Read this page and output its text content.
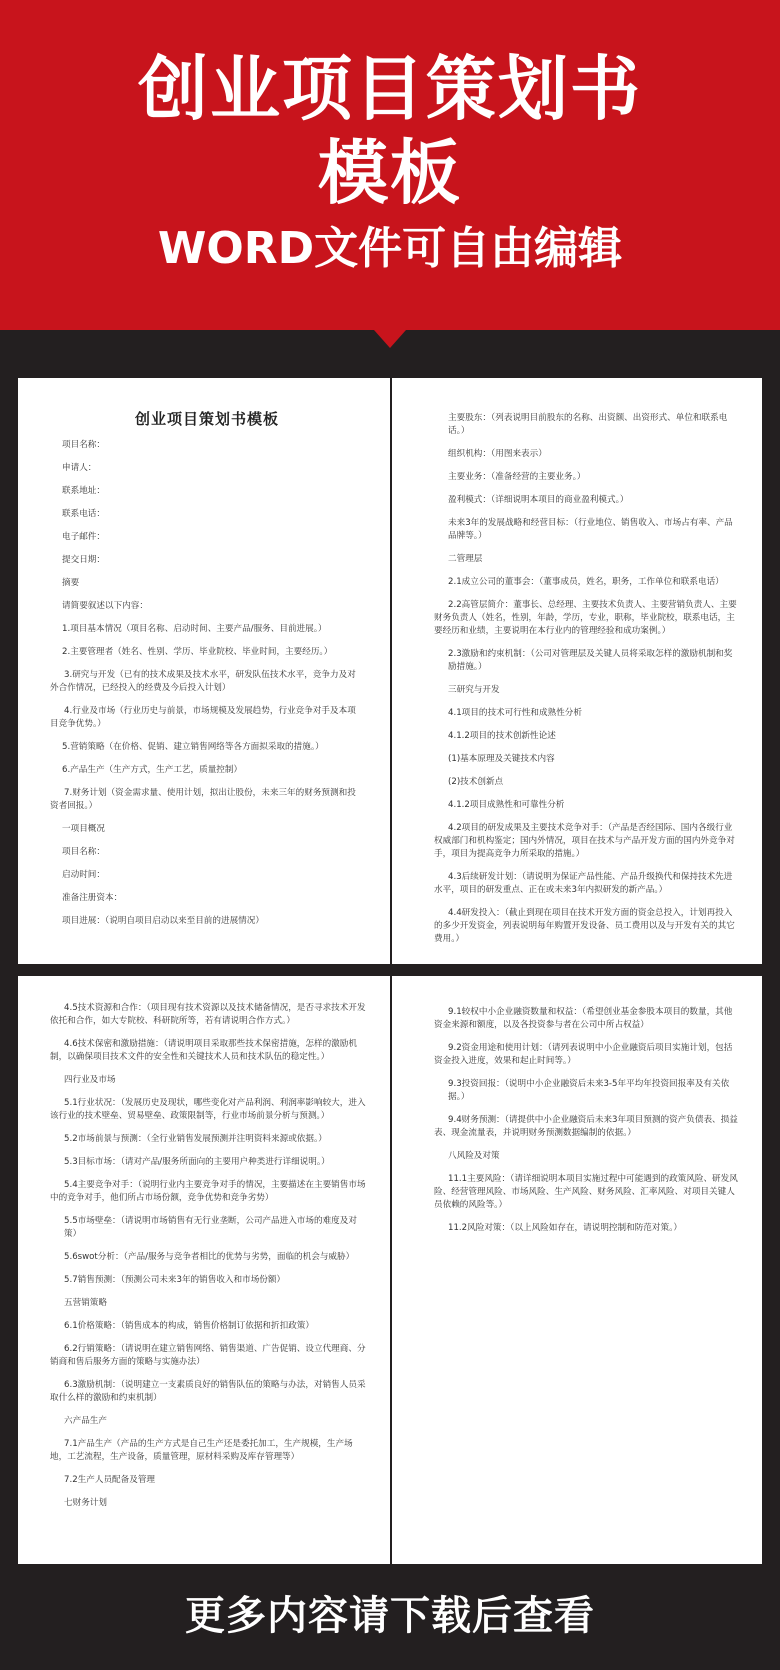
创业项目策划书
模板
WORD文件可自由编辑
创业项目策划书模板
项目名称：
申请人：
联系地址：
联系电话：
电子邮件：
提交日期：
摘要
请简要叙述以下内容：
1.项目基本情况（项目名称、启动时间、主要产品/服务、目前进展。）
2.主要管理者（姓名、性别、学历、毕业院校、毕业时间，主要经历。）
3.研究与开发（已有的技术成果及技术水平，研发队伍技术水平，竞争力及对外合作情况，已经投入的经费及今后投入计划）
4.行业及市场（行业历史与前景，市场规模及发展趋势，行业竞争对手及本项目竞争优势。）
5.营销策略（在价格、促销、建立销售网络等各方面拟采取的措施。）
6.产品生产（生产方式，生产工艺，质量控制）
7.财务计划（资金需求量、使用计划，拟出让股份，未来三年的财务预测和投资者回报。）
一项目概况
项目名称：
启动时间：
准备注册资本：
项目进展：（说明自项目启动以来至目前的进展情况）
主要股东：（列表说明目前股东的名称、出资额、出资形式、单位和联系电话。）
组织机构：（用图来表示）
主要业务：（准备经营的主要业务。）
盈利模式：（详细说明本项目的商业盈利模式。）
未来3年的发展战略和经营目标：（行业地位、销售收入、市场占有率、产品品牌等。）
二管理层
2.1成立公司的董事会：（董事成员，姓名，职务，工作单位和联系电话）
2.2高管层简介：董事长、总经理、主要技术负责人、主要营销负责人、主要财务负责人（姓名，性别，年龄，学历，专业，职称，毕业院校，联系电话，主要经历和业绩，主要说明在本行业内的管理经验和成功案例。）
2.3激励和约束机制：（公司对管理层及关键人员将采取怎样的激励机制和奖励措施。）
三研究与开发
4.1项目的技术可行性和成熟性分析
4.1.2项目的技术创新性论述
(1)基本原理及关键技术内容
(2)技术创新点
4.1.2项目成熟性和可靠性分析
4.2项目的研发成果及主要技术竞争对手：（产品是否经国际、国内各级行业权威部门和机构鉴定；国内外情况，项目在技术与产品开发方面的国内外竞争对手，项目为提高竞争力所采取的措施。）
4.3后续研发计划：（请说明为保证产品性能、产品升级换代和保持技术先进水平，项目的研发重点、正在或未来3年内拟研发的新产品。）
4.4研发投入：（截止到现在项目在技术开发方面的资金总投入，计划再投入的多少开发资金，列表说明每年购置开发设备、员工费用以及与开发有关的其它费用。）
4.5技术资源和合作：（项目现有技术资源以及技术储备情况，是否寻求技术开发依托和合作，如大专院校、科研院所等，若有请说明合作方式。）
4.6技术保密和激励措施：（请说明项目采取那些技术保密措施，怎样的激励机制，以确保项目技术文件的安全性和关键技术人员和技术队伍的稳定性。）
四行业及市场
5.1行业状况：（发展历史及现状，哪些变化对产品利润、利润率影响较大，进入该行业的技术壁垒、贸易壁垒、政策限制等，行业市场前景分析与预测。）
5.2市场前景与预测：（全行业销售发展预测并注明资料来源或依据。）
5.3目标市场：（请对产品/服务所面向的主要用户种类进行详细说明。）
5.4主要竞争对手：（说明行业内主要竞争对手的情况，主要描述在主要销售市场中的竞争对手，他们所占市场份额，竞争优势和竞争劣势）
5.5市场壁垒：（请说明市场销售有无行业垄断，公司产品进入市场的难度及对策）
5.6swot分析：（产品/服务与竞争者相比的优势与劣势，面临的机会与威胁）
5.7销售预测：（预测公司未来3年的销售收入和市场份额）
五营销策略
6.1价格策略：（销售成本的构成，销售价格制订依据和折扣政策）
6.2行销策略：（请说明在建立销售网络、销售渠道、广告促销、设立代理商、分销商和售后服务方面的策略与实施办法）
6.3激励机制：（说明建立一支素质良好的销售队伍的策略与办法，对销售人员采取什么样的激励和约束机制）
六产品生产
7.1产品生产（产品的生产方式是自己生产还是委托加工，生产规模，生产场地，工艺流程，生产设备，质量管理，原材料采购及库存管理等）
7.2生产人员配备及管理
七财务计划
9.1较权中小企业融资数量和权益：（希望创业基金参股本项目的数量，其他资金来源和额度，以及各投资参与者在公司中所占权益）
9.2资金用途和使用计划：（请列表说明中小企业融资后项目实施计划，包括资金投入进度，效果和起止时间等。）
9.3投资回报：（说明中小企业融资后未来3-5年平均年投资回报率及有关依据。）
9.4财务预测：（请提供中小企业融资后未来3年项目预测的资产负债表、损益表、现金流量表，并说明财务预测数据编制的依据。）
八风险及对策
11.1主要风险：（请详细说明本项目实施过程中可能遇到的政策风险、研发风险、经营管理风险、市场风险、生产风险、财务风险、汇率风险、对项目关键人员依赖的风险等。）
11.2风险对策：（以上风险如存在，请说明控制和防范对策。）
更多内容请下载后查看
